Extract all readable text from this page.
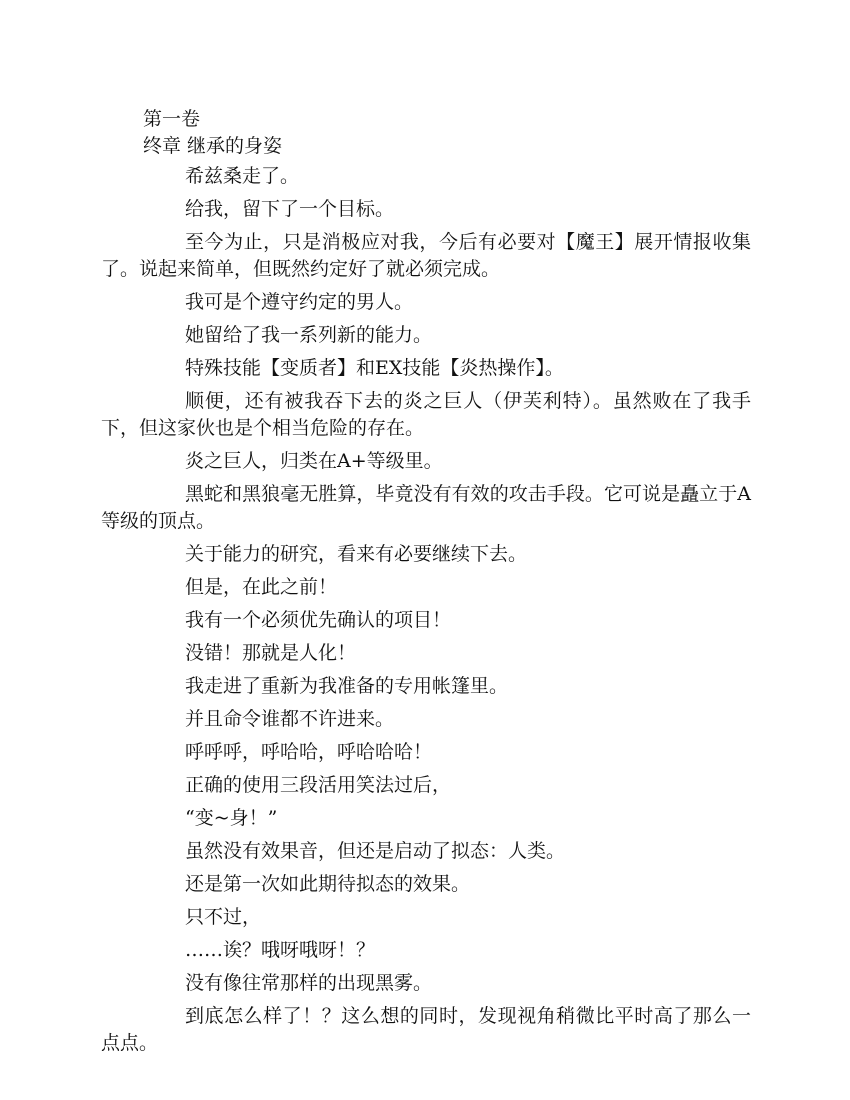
第一卷
终章 继承的身姿

希兹桑走了。

给我，留下了一个目标。

至今为止，只是消极应对我，今后有必要对【魔王】展开情报收集了。说起来简单，但既然约定好了就必须完成。

我可是个遵守约定的男人。

她留给了我一系列新的能力。

特殊技能【变质者】和EX技能【炎热操作】。

顺便，还有被我吞下去的炎之巨人（伊芙利特）。虽然败在了我手下，但这家伙也是个相当危险的存在。

炎之巨人，归类在A+等级里。

黑蛇和黑狼毫无胜算，毕竟没有有效的攻击手段。它可说是矗立于A等级的顶点。

关于能力的研究，看来有必要继续下去。

但是，在此之前！

我有一个必须优先确认的项目！

没错！那就是人化！

我走进了重新为我准备的专用帐篷里。

并且命令谁都不许进来。

呼呼呼，呼哈哈，呼哈哈哈！

正确的使用三段活用笑法过后，

“变~身！”

虽然没有效果音，但还是启动了拟态：人类。

还是第一次如此期待拟态的效果。

只不过，

……诶？哦呀哦呀！？

没有像往常那样的出现黑雾。

到底怎么样了！？这么想的同时，发现视角稍微比平时高了那么一点点。
